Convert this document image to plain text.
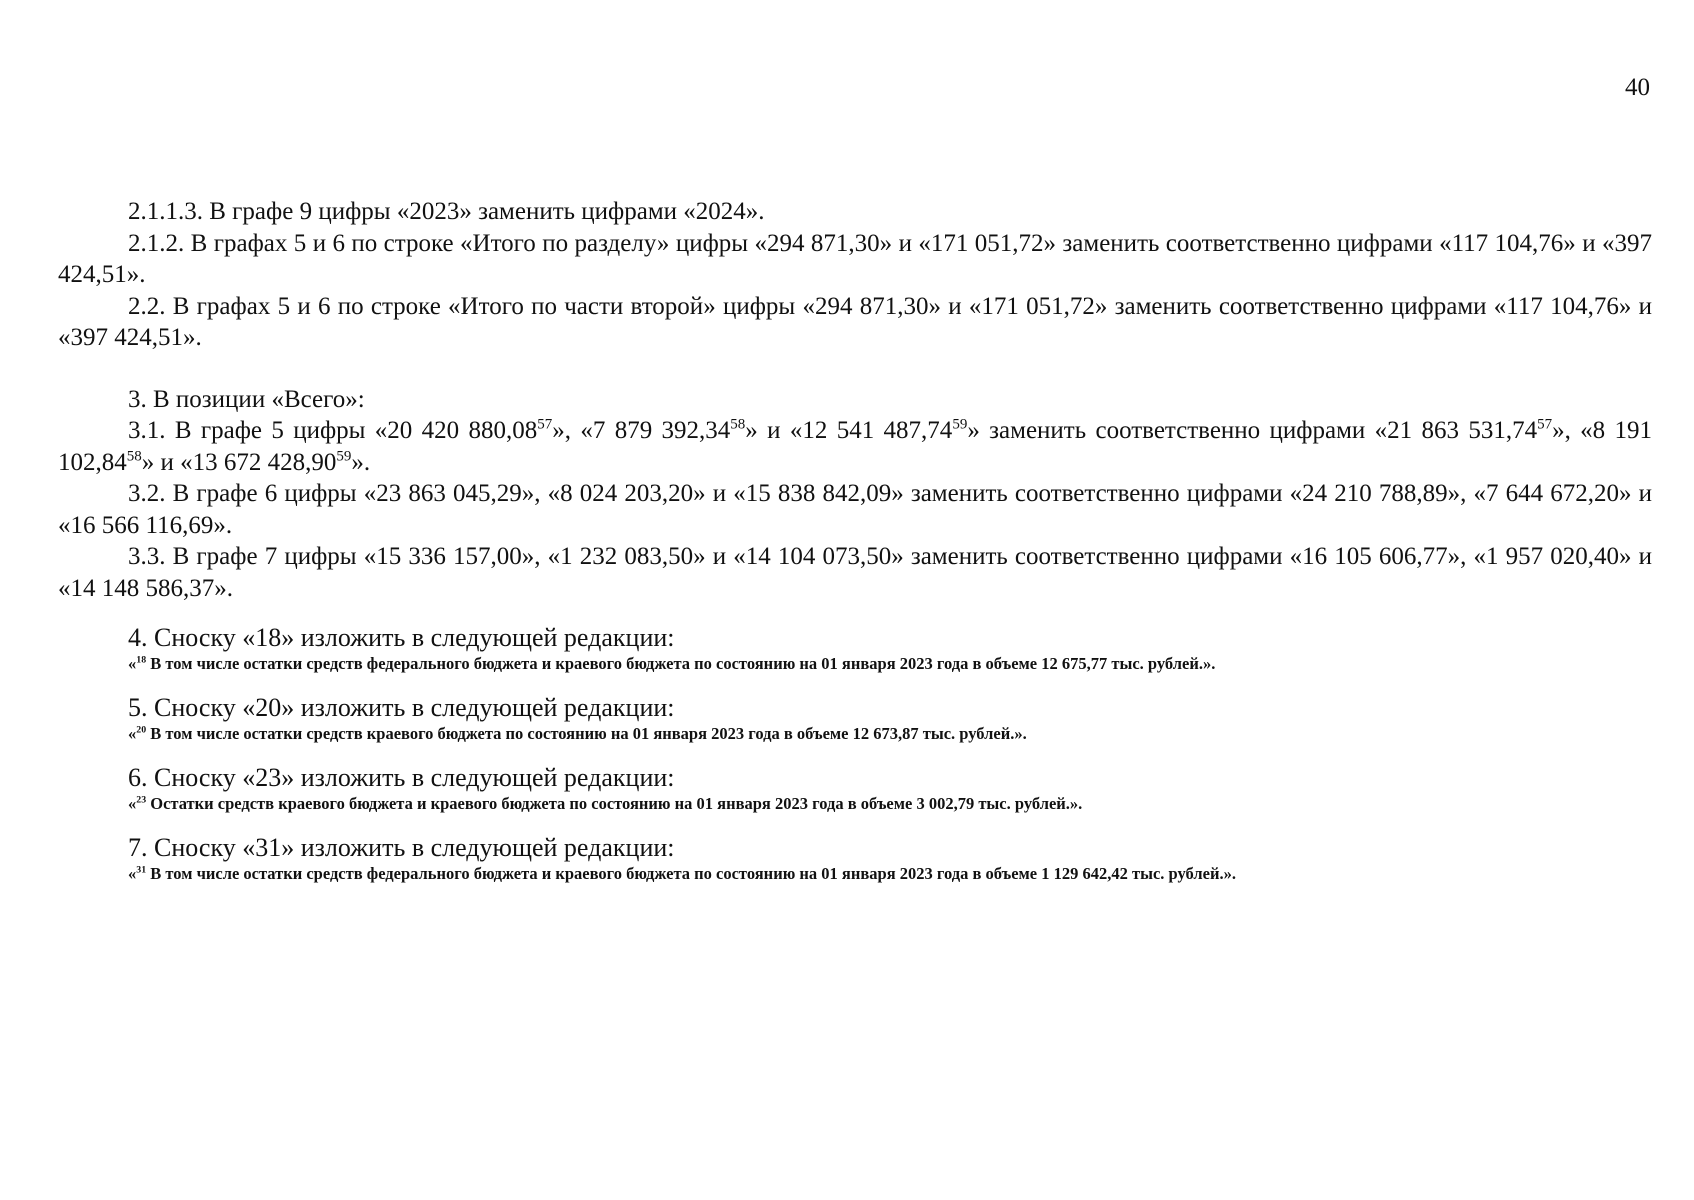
40

2.1.1.3. В графе 9 цифры «2023» заменить цифрами «2024».

2.1.2. В графах 5 и 6 по строке «Итого по разделу» цифры «294 871,30» и «171 051,72» заменить соответственно цифрами «117 104,76» и «397 424,51».

2.2. В графах 5 и 6 по строке «Итого по части второй» цифры «294 871,30» и «171 051,72» заменить соответственно цифрами «117 104,76» и «397 424,51».

3. В позиции «Всего»:

3.1. В графе 5 цифры «20 420 880,08$^{57}$», «7 879 392,34$^{58}$» и «12 541 487,74$^{59}$» заменить соответственно цифрами «21 863 531,74$^{57}$», «8 191 102,84$^{58}$» и «13 672 428,90$^{59}$».

3.2. В графе 6 цифры «23 863 045,29», «8 024 203,20» и «15 838 842,09» заменить соответственно цифрами «24 210 788,89», «7 644 672,20» и «16 566 116,69».

3.3. В графе 7 цифры «15 336 157,00», «1 232 083,50» и «14 104 073,50» заменить соответственно цифрами «16 105 606,77», «1 957 020,40» и «14 148 586,37».

4. Сноску «18» изложить в следующей редакции:

«$^{18}$ В том числе остатки средств федерального бюджета и краевого бюджета по состоянию на 01 января 2023 года в объеме 12 675,77 тыс. рублей.».

5. Сноску «20» изложить в следующей редакции:

«$^{20}$ В том числе остатки средств краевого бюджета по состоянию на 01 января 2023 года в объеме 12 673,87 тыс. рублей.».

6. Сноску «23» изложить в следующей редакции:

«$^{23}$ Остатки средств краевого бюджета и краевого бюджета по состоянию на 01 января 2023 года в объеме 3 002,79 тыс. рублей.».

7. Сноску «31» изложить в следующей редакции:

«$^{31}$ В том числе остатки средств федерального бюджета и краевого бюджета по состоянию на 01 января 2023 года в объеме 1 129 642,42 тыс. рублей.».
